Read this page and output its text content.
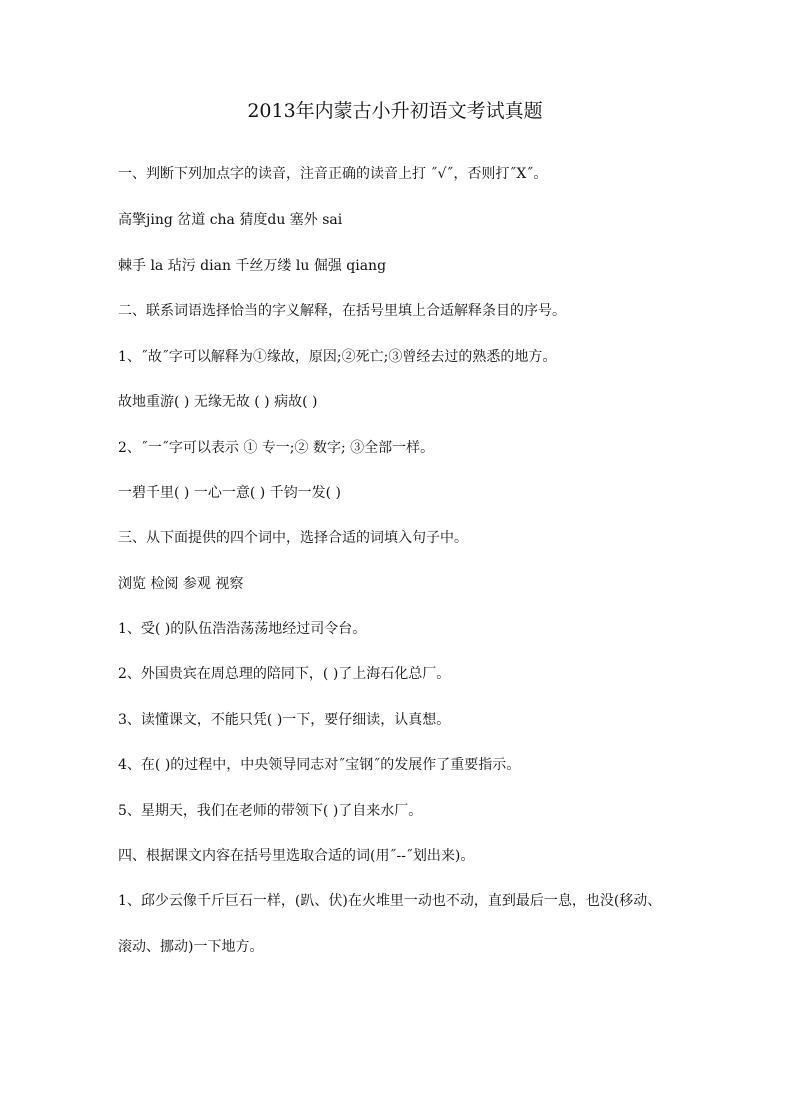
2013年内蒙古小升初语文考试真题
一、判断下列加点字的读音，注音正确的读音上打 ˝√˝，否则打˝X˝。
高擎jing 岔道 cha 猜度du 塞外 sai
棘手 la 玷污 dian 千丝万缕 lu 倔强 qiang
二、联系词语选择恰当的字义解释，在括号里填上合适解释条目的序号。
1、˝故˝字可以解释为①缘故，原因;②死亡;③曾经去过的熟悉的地方。
故地重游( ) 无缘无故 ( ) 病故( )
2、˝一˝字可以表示 ① 专一;② 数字; ③全部一样。
一碧千里( ) 一心一意( ) 千钧一发( )
三、从下面提供的四个词中，选择合适的词填入句子中。
浏览 检阅 参观 视察
1、受( )的队伍浩浩荡荡地经过司令台。
2、外国贵宾在周总理的陪同下，( )了上海石化总厂。
3、读懂课文，不能只凭( )一下，要仔细读，认真想。
4、在( )的过程中，中央领导同志对˝宝钢˝的发展作了重要指示。
5、星期天，我们在老师的带领下( )了自来水厂。
四、根据课文内容在括号里选取合适的词(用˝--˝划出来)。
1、邱少云像千斤巨石一样，(趴、伏)在火堆里一动也不动，直到最后一息，也没(移动、
滚动、挪动)一下地方。
